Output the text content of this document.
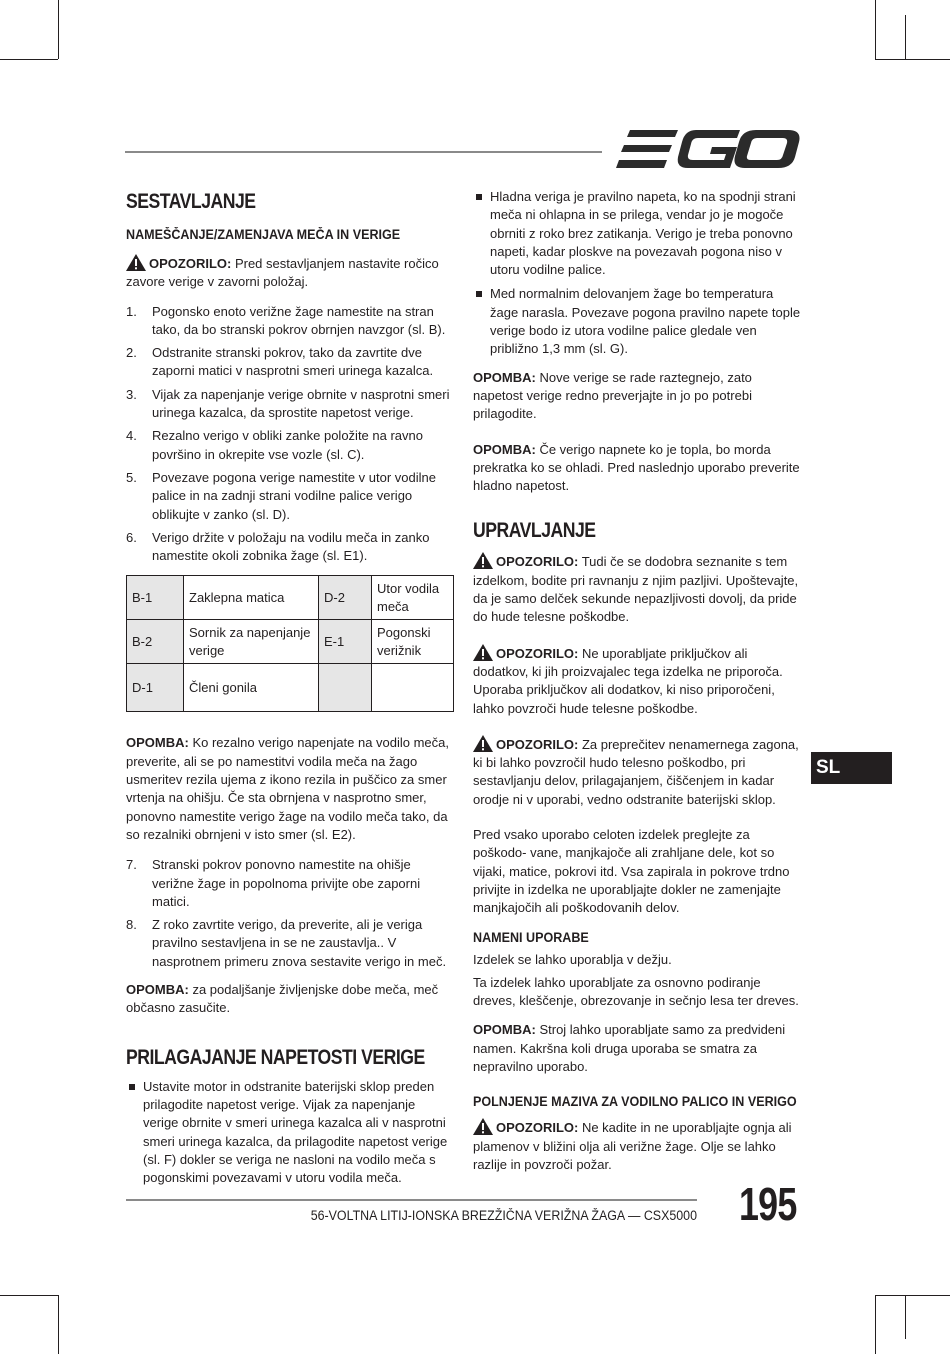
SESTAVLJANJE
NAMEŠČANJE/ZAMENJAVA MEČA IN VERIGE

OPOZORILO: Pred sestavljanjem nastavite ročico zavore verige v zavorni položaj.

1. Pogonsko enoto verižne žage namestite na stran tako, da bo stranski pokrov obrnjen navzgor (sl. B).
2. Odstranite stranski pokrov, tako da zavrtite dve zaporni matici v nasprotni smeri urinega kazalca.
3. Vijak za napenjanje verige obrnite v nasprotni smeri urinega kazalca, da sprostite napetost verige.
4. Rezalno verigo v obliki zanke položite na ravno površino in okrepite vse vozle (sl. C).
5. Povezave pogona verige namestite v utor vodilne palice in na zadnji strani vodilne palice verigo oblikujte v zanko (sl. D).
6. Verigo držite v položaju na vodilu meča in zanko namestite okoli zobnika žage (sl. E1).
B-1	Zaklepna matica	D-2	Utor vodila meča
B-2	Sornik za napenjanje verige	E-1	Pogonski verižnik
D-1	Členi gonila		

OPOMBA: Ko rezalno verigo napenjate na vodilo meča, preverite, ali se po namestitvi vodila meča na žago usmeritev rezila ujema z ikono rezila in puščico za smer vrtenja na ohišju. Če sta obrnjena v nasprotno smer, ponovno namestite verigo žage na vodilo meča tako, da so rezalniki obrnjeni v isto smer (sl. E2).

7. Stranski pokrov ponovno namestite na ohišje verižne žage in popolnoma privijte obe zaporni matici.
8. Z roko zavrtite verigo, da preverite, ali je veriga pravilno sestavljena in se ne zaustavlja.. V nasprotnem primeru znova sestavite verigo in meč.

OPOMBA: za podaljšanje življenjske dobe meča, meč občasno zasučite.

PRILAGAJANJE NAPETOSTI VERIGE
Ustavite motor in odstranite baterijski sklop preden prilagodite napetost verige. Vijak za napenjanje verige obrnite v smeri urinega kazalca ali v nasprotni smeri urinega kazalca, da prilagodite napetost verige (sl. F) dokler se veriga ne nasloni na vodilo meča s pogonskimi povezavami v utoru vodila meča.
Hladna veriga je pravilno napeta, ko na spodnji strani meča ni ohlapna in se prilega, vendar jo je mogoče obrniti z roko brez zatikanja. Verigo je treba ponovno napeti, kadar ploskve na povezavah pogona niso v utoru vodilne palice.
Med normalnim delovanjem žage bo temperatura žage narasla. Povezave pogona pravilno napete tople verige bodo iz utora vodilne palice gledale ven približno 1,3 mm (sl. G).

OPOMBA: Nove verige se rade raztegnejo, zato napetost verige redno preverjajte in jo po potrebi prilagodite.

OPOMBA: Če verigo napnete ko je topla, bo morda prekratka ko se ohladi. Pred naslednjo uporabo preverite hladno napetost.

UPRAVLJANJE

OPOZORILO: Tudi če se dodobra seznanite s tem izdelkom, bodite pri ravnanju z njim pazljivi. Upoštevajte, da je samo delček sekunde nepazljivosti dovolj, da pride do hude telesne poškodbe.

OPOZORILO: Ne uporabljate priključkov ali dodatkov, ki jih proizvajalec tega izdelka ne priporoča. Uporaba priključkov ali dodatkov, ki niso priporočeni, lahko povzroči hude telesne poškodbe.

OPOZORILO: Za preprečitev nenamernega zagona, ki bi lahko povzročil hudo telesno poškodbo, pri sestavljanju delov, prilagajanjem, čiščenjem in kadar orodje ni v uporabi, vedno odstranite baterijski sklop.

Pred vsako uporabo celoten izdelek preglejte za poškodo- vane, manjkajoče ali zrahljane dele, kot so vijaki, matice, pokrovi itd. Vsa zapirala in pokrove trdno privijte in izdelka ne uporabljajte dokler ne zamenjajte manjkajočih ali poškodovanih delov.

NAMENI UPORABE

Izdelek se lahko uporablja v dežju.

Ta izdelek lahko uporabljate za osnovno podiranje dreves, kleščenje, obrezovanje in sečnjo lesa ter dreves.

OPOMBA: Stroj lahko uporabljate samo za predvideni namen. Kakršna koli druga uporaba se smatra za nepravilno uporabo.

POLNJENJE MAZIVA ZA VODILNO PALICO IN VERIGO

OPOZORILO: Ne kadite in ne uporabljajte ognja ali plamenov v bližini olja ali verižne žage. Olje se lahko razlije in povzroči požar.

SL
56-VOLTNA LITIJ-IONSKA BREZŽIČNA VERIŽNA ŽAGA — CSX5000 195
